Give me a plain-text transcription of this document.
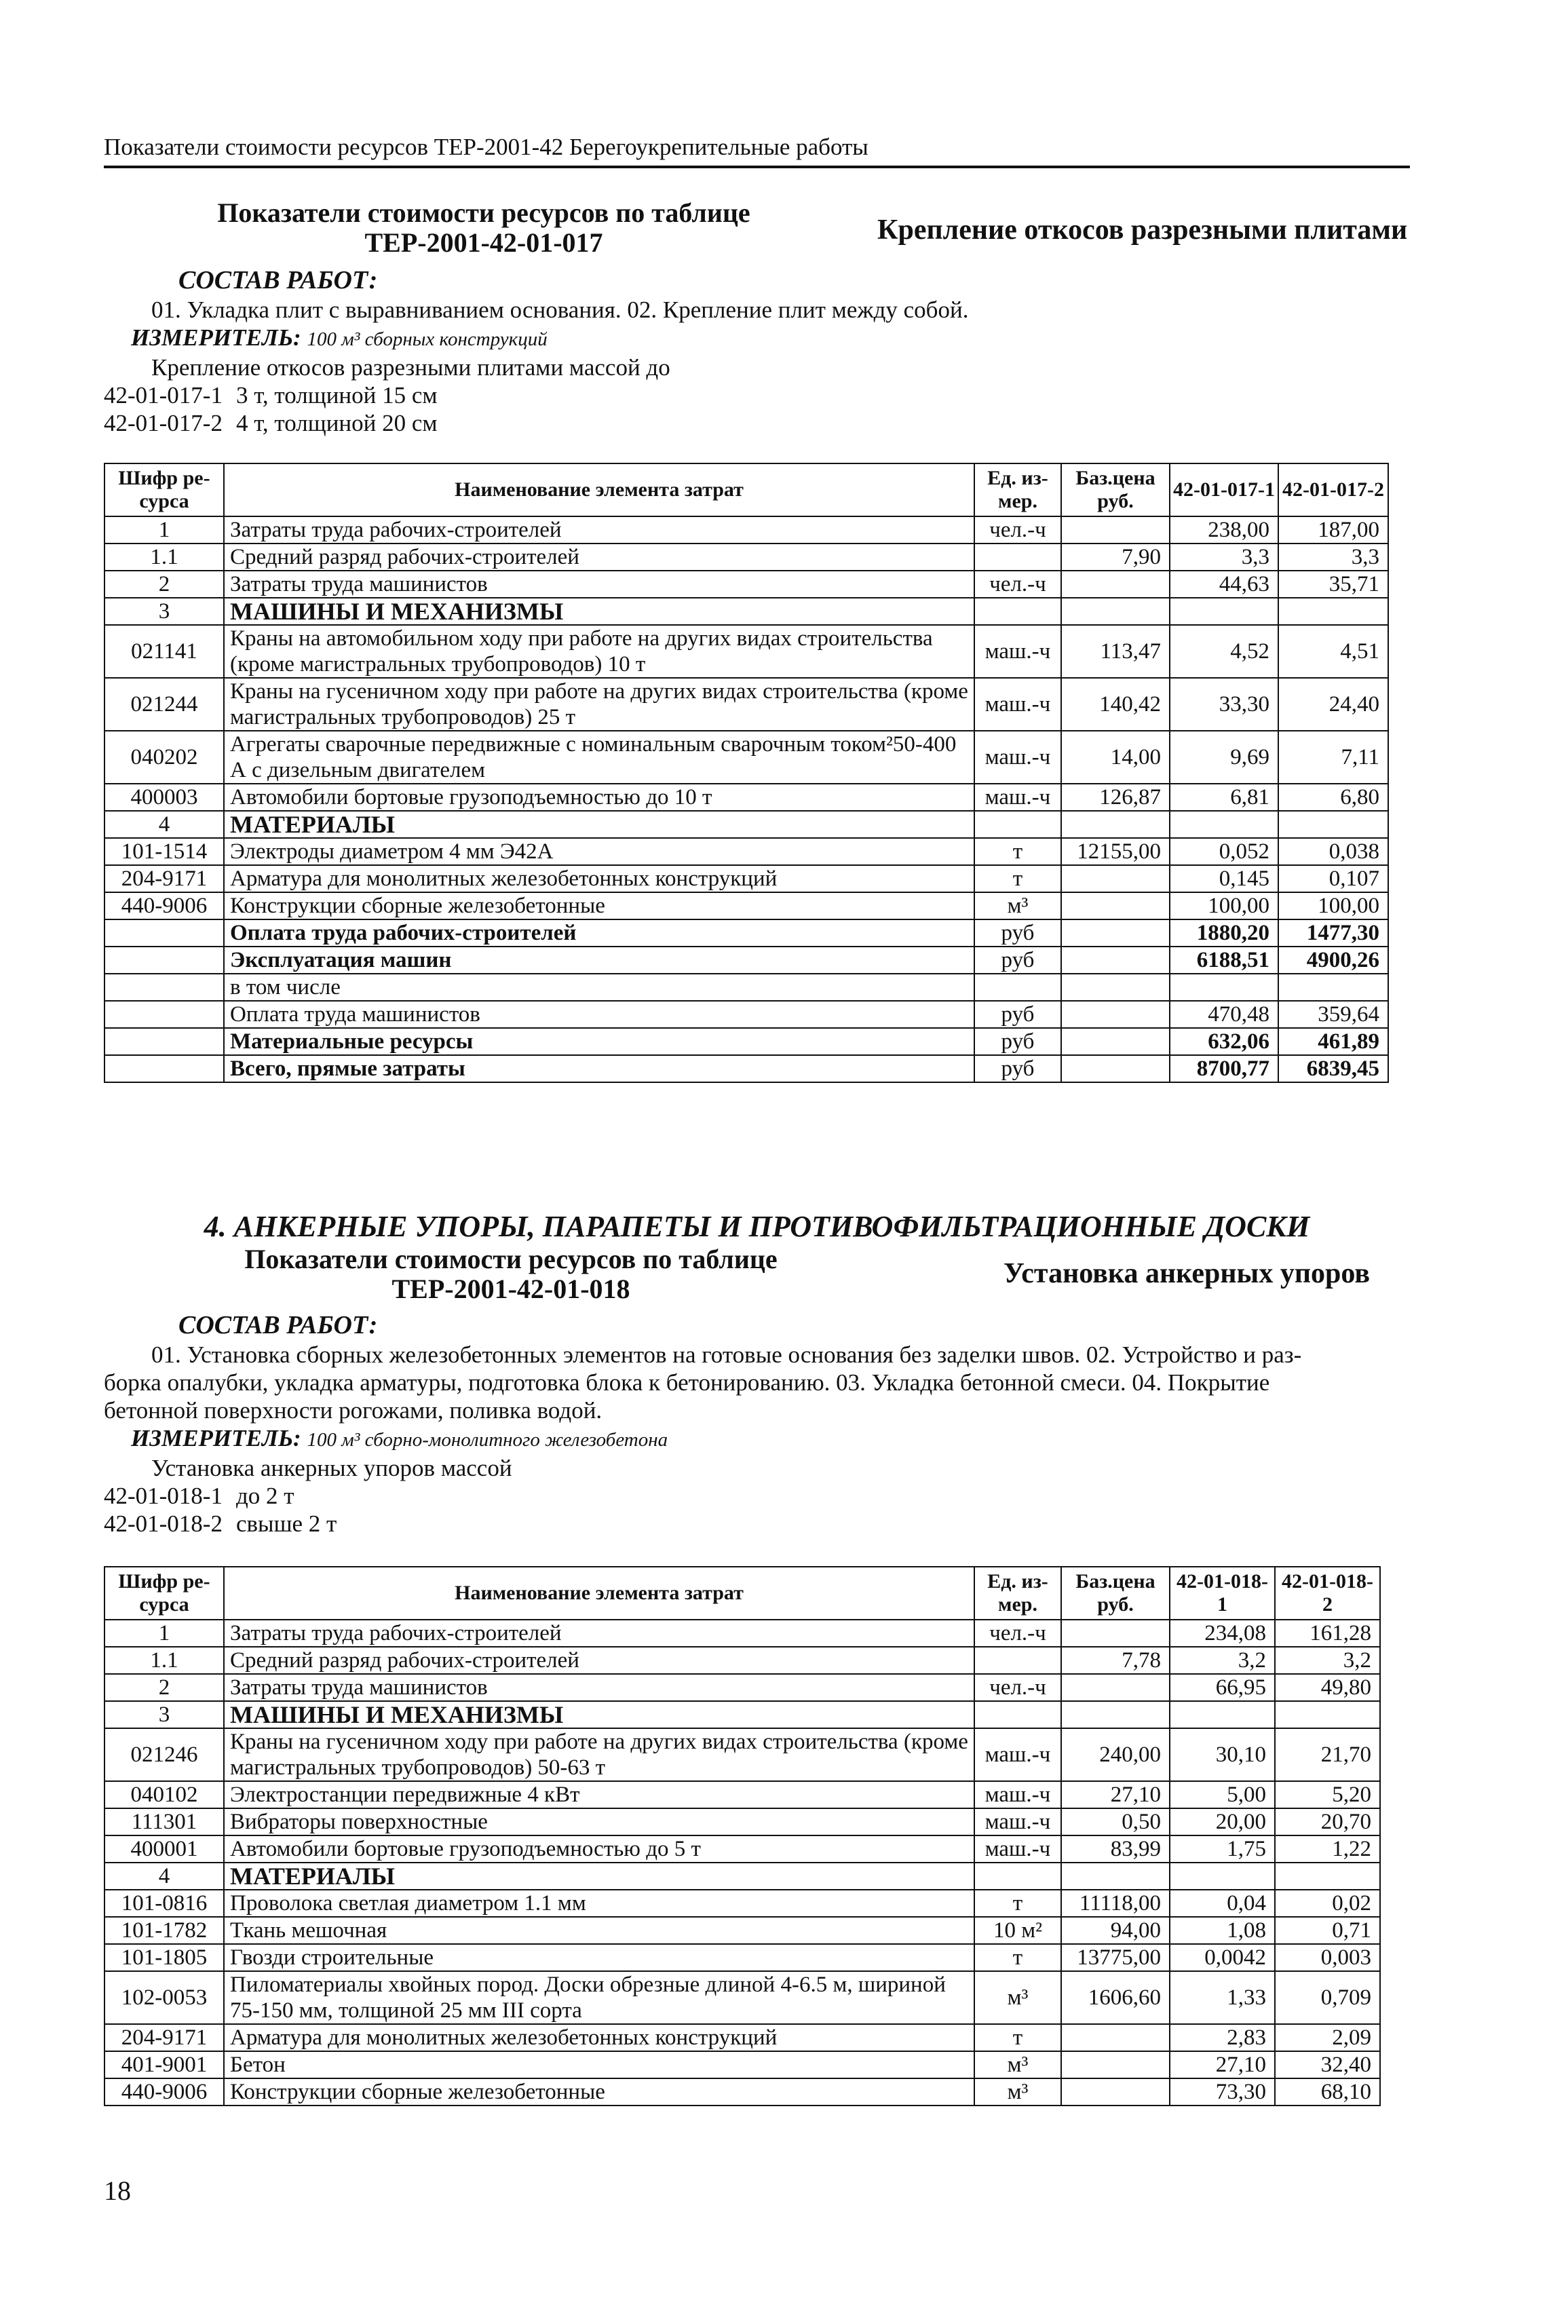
Показатели стоимости ресурсов ТЕР-2001-42 Берегоукрепительные работы
Показатели стоимости ресурсов по таблице
ТЕР-2001-42-01-017	Крепление откосов разрезными плитами
СОСТАВ РАБОТ:
01. Укладка плит с выравниванием основания. 02. Крепление плит между собой.
ИЗМЕРИТЕЛЬ: 100 м³ сборных конструкций
Крепление откосов разрезными плитами массой до
42-01-017-1 3 т, толщиной 15 см
42-01-017-2 4 т, толщиной 20 см
Шифр ре-сурса	Наименование элемента затрат	Ед. из-мер.	Баз.цена руб.	42-01-017-1	42-01-017-2
1	Затраты труда рабочих-строителей	чел.-ч		238,00	187,00
1.1	Средний разряд рабочих-строителей		7,90	3,3	3,3
2	Затраты труда машинистов	чел.-ч		44,63	35,71
3	МАШИНЫ И МЕХАНИЗМЫ				
021141	Краны на автомобильном ходу при работе на других видах строительства (кроме магистральных трубопроводов) 10 т	маш.-ч	113,47	4,52	4,51
021244	Краны на гусеничном ходу при работе на других видах строительства (кроме магистральных трубопроводов) 25 т	маш.-ч	140,42	33,30	24,40
040202	Агрегаты сварочные передвижные с номинальным сварочным током²50-400 А с дизельным двигателем	маш.-ч	14,00	9,69	7,11
400003	Автомобили бортовые грузоподъемностью до 10 т	маш.-ч	126,87	6,81	6,80
4	МАТЕРИАЛЫ				
101-1514	Электроды диаметром 4 мм Э42А	т	12155,00	0,052	0,038
204-9171	Арматура для монолитных железобетонных конструкций	т		0,145	0,107
440-9006	Конструкции сборные железобетонные	м³		100,00	100,00
	Оплата труда рабочих-строителей	руб		1880,20	1477,30
	Эксплуатация машин	руб		6188,51	4900,26
	в том числе				
	Оплата труда машинистов	руб		470,48	359,64
	Материальные ресурсы	руб		632,06	461,89
	Всего, прямые затраты	руб		8700,77	6839,45
4. АНКЕРНЫЕ УПОРЫ, ПАРАПЕТЫ И ПРОТИВОФИЛЬТРАЦИОННЫЕ ДОСКИ
Показатели стоимости ресурсов по таблице
ТЕР-2001-42-01-018	Установка анкерных упоров
СОСТАВ РАБОТ:
01. Установка сборных железобетонных элементов на готовые основания без заделки швов. 02. Устройство и раз-
борка опалубки, укладка арматуры, подготовка блока к бетонированию. 03. Укладка бетонной смеси. 04. Покрытие
бетонной поверхности рогожами, поливка водой.
ИЗМЕРИТЕЛЬ: 100 м³ сборно-монолитного железобетона
Установка анкерных упоров массой
42-01-018-1 до 2 т
42-01-018-2 свыше 2 т
Шифр ре-сурса	Наименование элемента затрат	Ед. из-мер.	Баз.цена руб.	42-01-018-1	42-01-018-2
1	Затраты труда рабочих-строителей	чел.-ч		234,08	161,28
1.1	Средний разряд рабочих-строителей		7,78	3,2	3,2
2	Затраты труда машинистов	чел.-ч		66,95	49,80
3	МАШИНЫ И МЕХАНИЗМЫ				
021246	Краны на гусеничном ходу при работе на других видах строительства (кроме магистральных трубопроводов) 50-63 т	маш.-ч	240,00	30,10	21,70
040102	Электростанции передвижные 4 кВт	маш.-ч	27,10	5,00	5,20
111301	Вибраторы поверхностные	маш.-ч	0,50	20,00	20,70
400001	Автомобили бортовые грузоподъемностью до 5 т	маш.-ч	83,99	1,75	1,22
4	МАТЕРИАЛЫ				
101-0816	Проволока светлая диаметром 1.1 мм	т	11118,00	0,04	0,02
101-1782	Ткань мешочная	10 м²	94,00	1,08	0,71
101-1805	Гвозди строительные	т	13775,00	0,0042	0,003
102-0053	Пиломатериалы хвойных пород. Доски обрезные длиной 4-6.5 м, шириной 75-150 мм, толщиной 25 мм III сорта	м³	1606,60	1,33	0,709
204-9171	Арматура для монолитных железобетонных конструкций	т		2,83	2,09
401-9001	Бетон	м³		27,10	32,40
440-9006	Конструкции сборные железобетонные	м³		73,30	68,10
18
